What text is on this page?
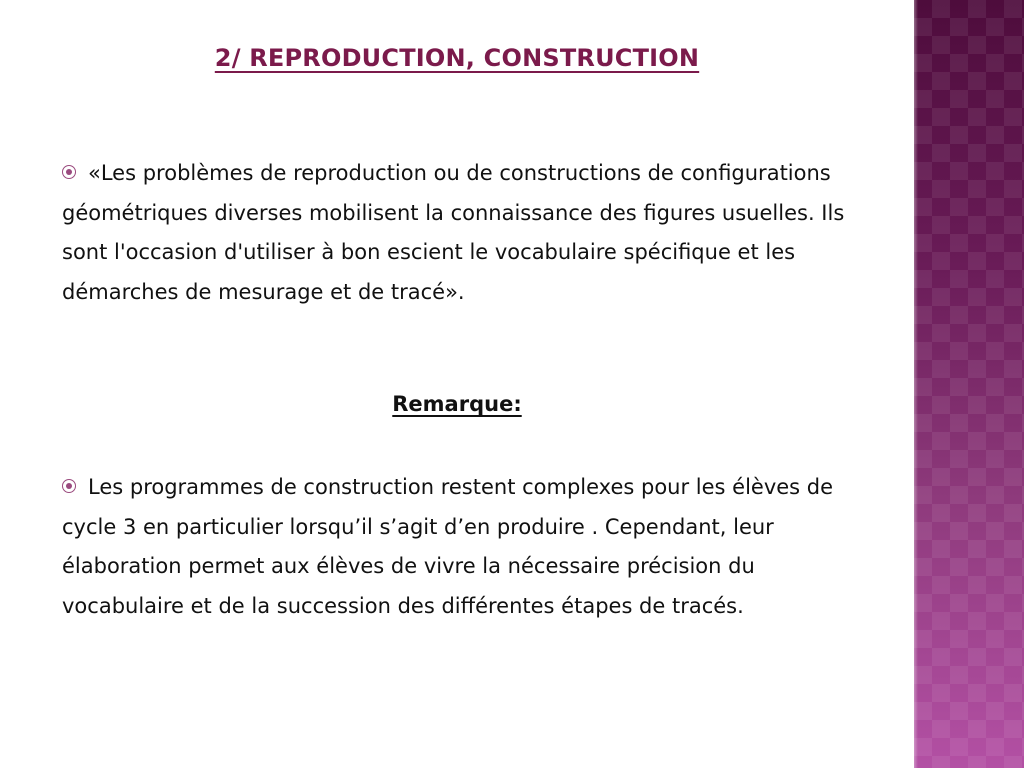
2/ REPRODUCTION, CONSTRUCTION

«Les problèmes de reproduction ou de constructions de configurations géométriques diverses mobilisent la connaissance des figures usuelles. Ils sont l'occasion d'utiliser à bon escient le vocabulaire spécifique et les démarches de mesurage et de tracé».

Remarque:

Les programmes de construction restent complexes pour les élèves de cycle 3 en particulier lorsqu’il s’agit d’en produire . Cependant, leur élaboration permet aux élèves de vivre la nécessaire précision du vocabulaire et de la succession des différentes étapes de tracés.
